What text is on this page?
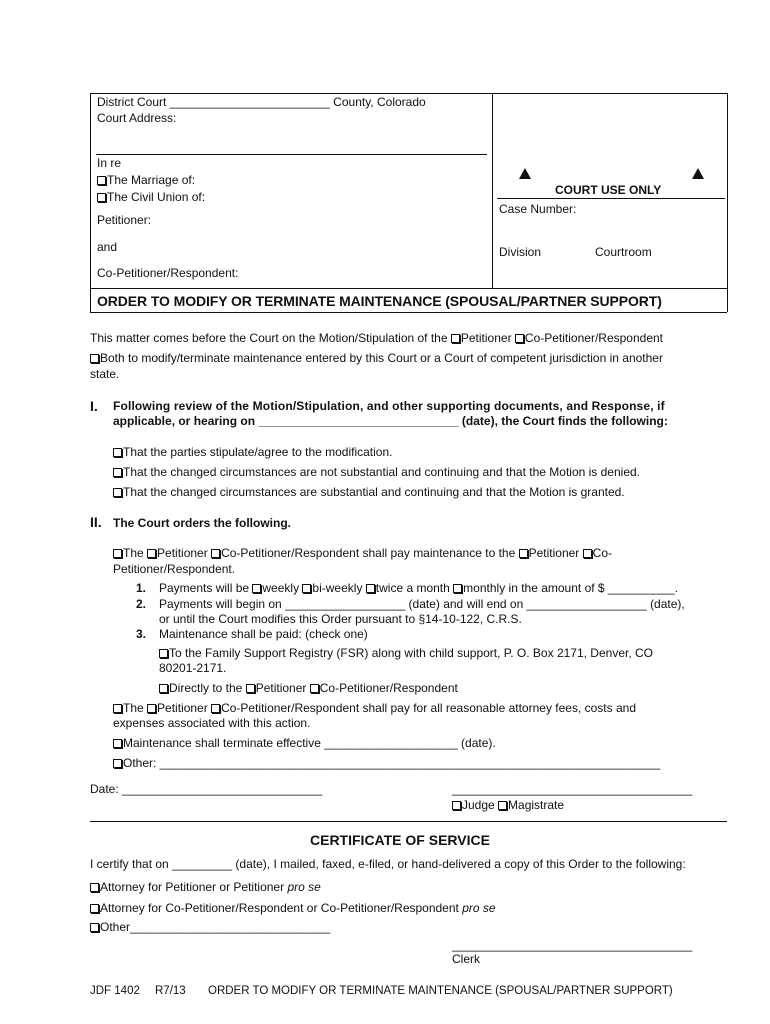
District Court ________________________ County, Colorado
Court Address:
In re
The Marriage of:
The Civil Union of:
Petitioner:
and
Co-Petitioner/Respondent:
COURT USE ONLY
Case Number:
Division	Courtroom
ORDER TO MODIFY OR TERMINATE MAINTENANCE (SPOUSAL/PARTNER SUPPORT)
This matter comes before the Court on the Motion/Stipulation of the Petitioner Co-Petitioner/Respondent
Both to modify/terminate maintenance entered by this Court or a Court of competent jurisdiction in another
state.
I. Following review of the Motion/Stipulation, and other supporting documents, and Response, if
applicable, or hearing on ______________________________ (date), the Court finds the following:
That the parties stipulate/agree to the modification.
That the changed circumstances are not substantial and continuing and that the Motion is denied.
That the changed circumstances are substantial and continuing and that the Motion is granted.
II. The Court orders the following.
The Petitioner Co-Petitioner/Respondent shall pay maintenance to the Petitioner Co-
Petitioner/Respondent.
1. Payments will be weekly bi-weekly twice a month monthly in the amount of $ __________.
2. Payments will begin on __________________ (date) and will end on __________________ (date),
or until the Court modifies this Order pursuant to §14-10-122, C.R.S.
3. Maintenance shall be paid: (check one)
To the Family Support Registry (FSR) along with child support, P. O. Box 2171, Denver, CO
80201-2171.
Directly to the Petitioner Co-Petitioner/Respondent
The Petitioner Co-Petitioner/Respondent shall pay for all reasonable attorney fees, costs and
expenses associated with this action.
Maintenance shall terminate effective ____________________ (date).
Other: ___________________________________________________________________________
Date: ______________________________	____________________________________
Judge Magistrate
CERTIFICATE OF SERVICE
I certify that on _________ (date), I mailed, faxed, e-filed, or hand-delivered a copy of this Order to the following:
Attorney for Petitioner or Petitioner pro se
Attorney for Co-Petitioner/Respondent or Co-Petitioner/Respondent pro se
Other______________________________
____________________________________
Clerk
JDF 1402 R7/13 ORDER TO MODIFY OR TERMINATE MAINTENANCE (SPOUSAL/PARTNER SUPPORT)
